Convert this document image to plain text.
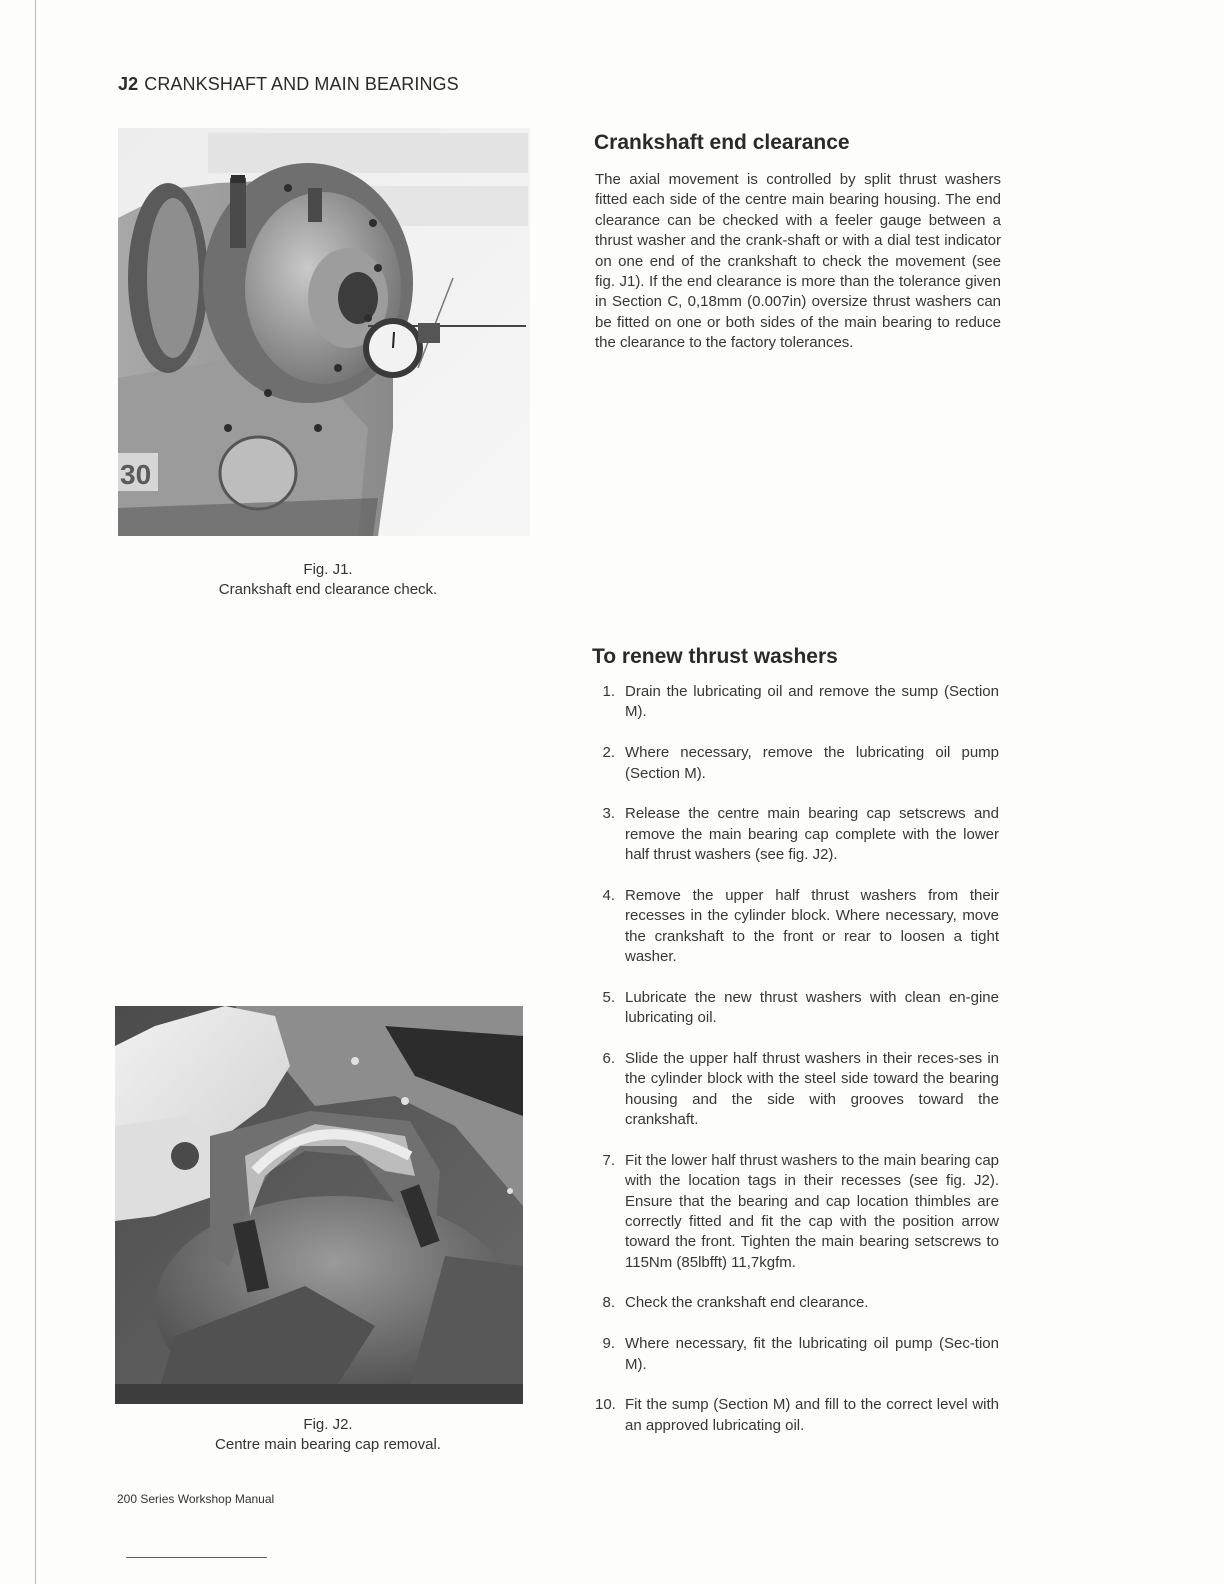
J2 CRANKSHAFT AND MAIN BEARINGS
30
Fig. J1.
Crankshaft end clearance check.
Crankshaft end clearance

The axial movement is controlled by split thrust washers fitted each side of the centre main bearing housing. The end clearance can be checked with a feeler gauge between a thrust washer and the crank-shaft or with a dial test indicator on one end of the crankshaft to check the movement (see fig. J1). If the end clearance is more than the tolerance given in Section C, 0,18mm (0.007in) oversize thrust washers can be fitted on one or both sides of the main bearing to reduce the clearance to the factory tolerances.

To renew thrust washers
1. Drain the lubricating oil and remove the sump (Section M).
2. Where necessary, remove the lubricating oil pump (Section M).
3. Release the centre main bearing cap setscrews and remove the main bearing cap complete with the lower half thrust washers (see fig. J2).
4. Remove the upper half thrust washers from their recesses in the cylinder block. Where necessary, move the crankshaft to the front or rear to loosen a tight washer.
5. Lubricate the new thrust washers with clean en-gine lubricating oil.
6. Slide the upper half thrust washers in their reces-ses in the cylinder block with the steel side toward the bearing housing and the side with grooves toward the crankshaft.
7. Fit the lower half thrust washers to the main bearing cap with the location tags in their recesses (see fig. J2). Ensure that the bearing and cap location thimbles are correctly fitted and fit the cap with the position arrow toward the front. Tighten the main bearing setscrews to 115Nm (85lbfft) 11,7kgfm.
8. Check the crankshaft end clearance.
9. Where necessary, fit the lubricating oil pump (Sec-tion M).
10. Fit the sump (Section M) and fill to the correct level with an approved lubricating oil.
Fig. J2.
Centre main bearing cap removal.
200 Series Workshop Manual
